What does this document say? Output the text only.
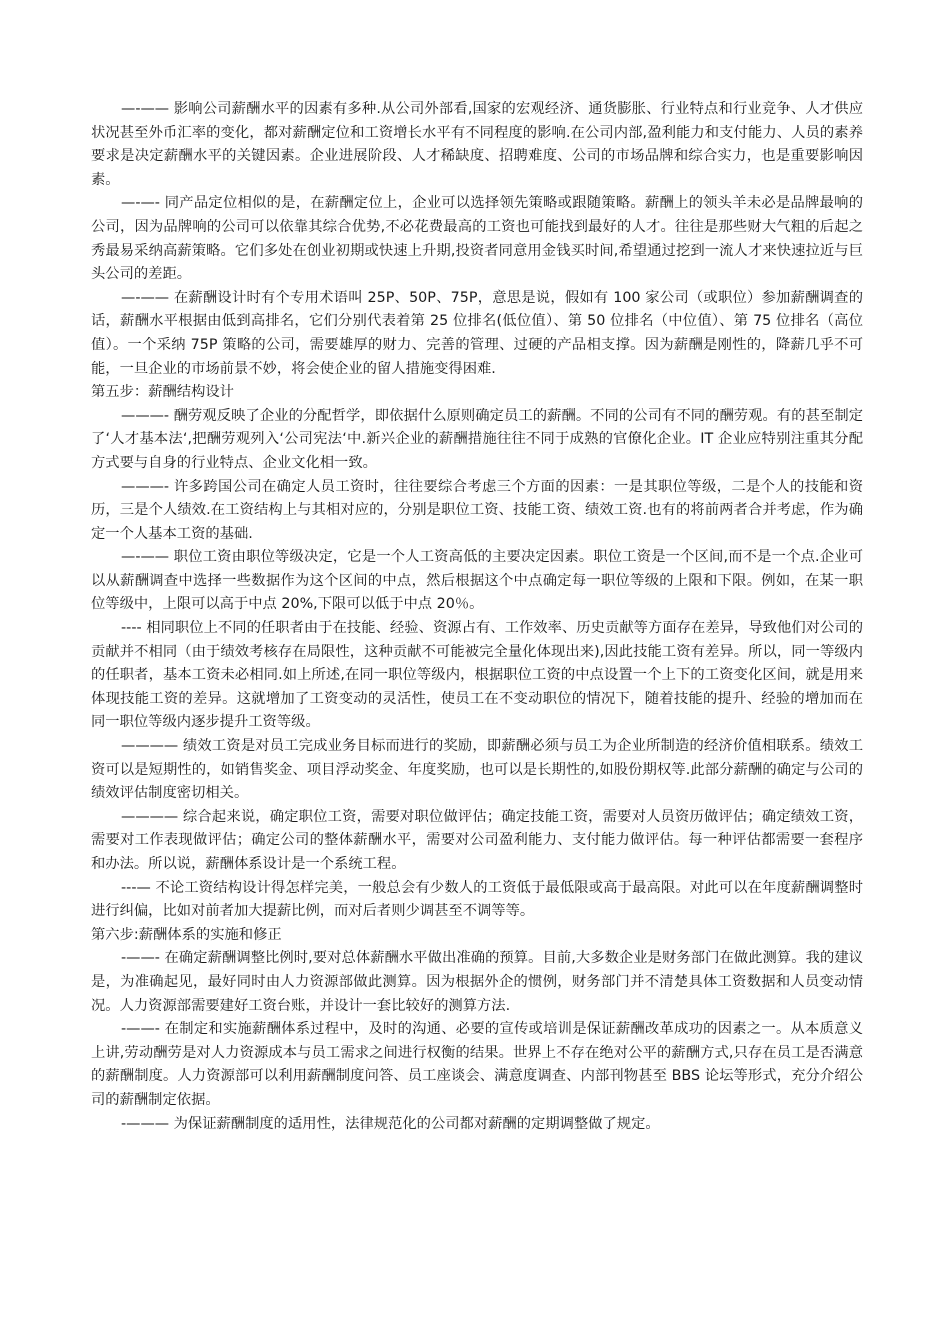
—-—— 影响公司薪酬水平的因素有多种.从公司外部看,国家的宏观经济、通货膨胀、行业特点和行业竞争、人才供应状况甚至外币汇率的变化，都对薪酬定位和工资增长水平有不同程度的影响.在公司内部,盈利能力和支付能力、人员的素养要求是决定薪酬水平的关键因素。企业进展阶段、人才稀缺度、招聘难度、公司的市场品牌和综合实力，也是重要影响因素。

—-—- 同产品定位相似的是，在薪酬定位上，企业可以选择领先策略或跟随策略。薪酬上的领头羊未必是品牌最响的公司，因为品牌响的公司可以依靠其综合优势,不必花费最高的工资也可能找到最好的人才。往往是那些财大气粗的后起之秀最易采纳高薪策略。它们多处在创业初期或快速上升期,投资者同意用金钱买时间,希望通过挖到一流人才来快速拉近与巨头公司的差距。

—-—— 在薪酬设计时有个专用术语叫 25P、50P、75P，意思是说，假如有 100 家公司（或职位）参加薪酬调查的话，薪酬水平根据由低到高排名，它们分别代表着第 25 位排名(低位值）、第 50 位排名（中位值）、第 75 位排名（高位值）。一个采纳 75P 策略的公司，需要雄厚的财力、完善的管理、过硬的产品相支撑。因为薪酬是刚性的，降薪几乎不可能，一旦企业的市场前景不妙，将会使企业的留人措施变得困难.

第五步：薪酬结构设计

———- 酬劳观反映了企业的分配哲学，即依据什么原则确定员工的薪酬。不同的公司有不同的酬劳观。有的甚至制定了‘人才基本法‘,把酬劳观列入‘公司宪法‘中.新兴企业的薪酬措施往往不同于成熟的官僚化企业。IT 企业应特别注重其分配方式要与自身的行业特点、企业文化相一致。

———- 许多跨国公司在确定人员工资时，往往要综合考虑三个方面的因素：一是其职位等级，二是个人的技能和资历，三是个人绩效.在工资结构上与其相对应的，分别是职位工资、技能工资、绩效工资.也有的将前两者合并考虑，作为确定一个人基本工资的基础.

—-—— 职位工资由职位等级决定，它是一个人工资高低的主要决定因素。职位工资是一个区间,而不是一个点.企业可以从薪酬调查中选择一些数据作为这个区间的中点，然后根据这个中点确定每一职位等级的上限和下限。例如，在某一职位等级中，上限可以高于中点 20%,下限可以低于中点 20％。

---- 相同职位上不同的任职者由于在技能、经验、资源占有、工作效率、历史贡献等方面存在差异，导致他们对公司的贡献并不相同（由于绩效考核存在局限性，这种贡献不可能被完全量化体现出来),因此技能工资有差异。所以，同一等级内的任职者，基本工资未必相同.如上所述,在同一职位等级内，根据职位工资的中点设置一个上下的工资变化区间，就是用来体现技能工资的差异。这就增加了工资变动的灵活性，使员工在不变动职位的情况下，随着技能的提升、经验的增加而在同一职位等级内逐步提升工资等级。

———— 绩效工资是对员工完成业务目标而进行的奖励，即薪酬必须与员工为企业所制造的经济价值相联系。绩效工资可以是短期性的，如销售奖金、项目浮动奖金、年度奖励，也可以是长期性的,如股份期权等.此部分薪酬的确定与公司的绩效评估制度密切相关。

———— 综合起来说，确定职位工资，需要对职位做评估；确定技能工资，需要对人员资历做评估；确定绩效工资，需要对工作表现做评估；确定公司的整体薪酬水平，需要对公司盈利能力、支付能力做评估。每一种评估都需要一套程序和办法。所以说，薪酬体系设计是一个系统工程。

---— 不论工资结构设计得怎样完美，一般总会有少数人的工资低于最低限或高于最高限。对此可以在年度薪酬调整时进行纠偏，比如对前者加大提薪比例，而对后者则少调甚至不调等等。

第六步:薪酬体系的实施和修正

-——- 在确定薪酬调整比例时,要对总体薪酬水平做出准确的预算。目前,大多数企业是财务部门在做此测算。我的建议是，为准确起见，最好同时由人力资源部做此测算。因为根据外企的惯例，财务部门并不清楚具体工资数据和人员变动情况。人力资源部需要建好工资台账，并设计一套比较好的测算方法.

-——- 在制定和实施薪酬体系过程中，及时的沟通、必要的宣传或培训是保证薪酬改革成功的因素之一。从本质意义上讲,劳动酬劳是对人力资源成本与员工需求之间进行权衡的结果。世界上不存在绝对公平的薪酬方式,只存在员工是否满意的薪酬制度。人力资源部可以利用薪酬制度问答、员工座谈会、满意度调查、内部刊物甚至 BBS 论坛等形式，充分介绍公司的薪酬制定依据。

-——— 为保证薪酬制度的适用性，法律规范化的公司都对薪酬的定期调整做了规定。
